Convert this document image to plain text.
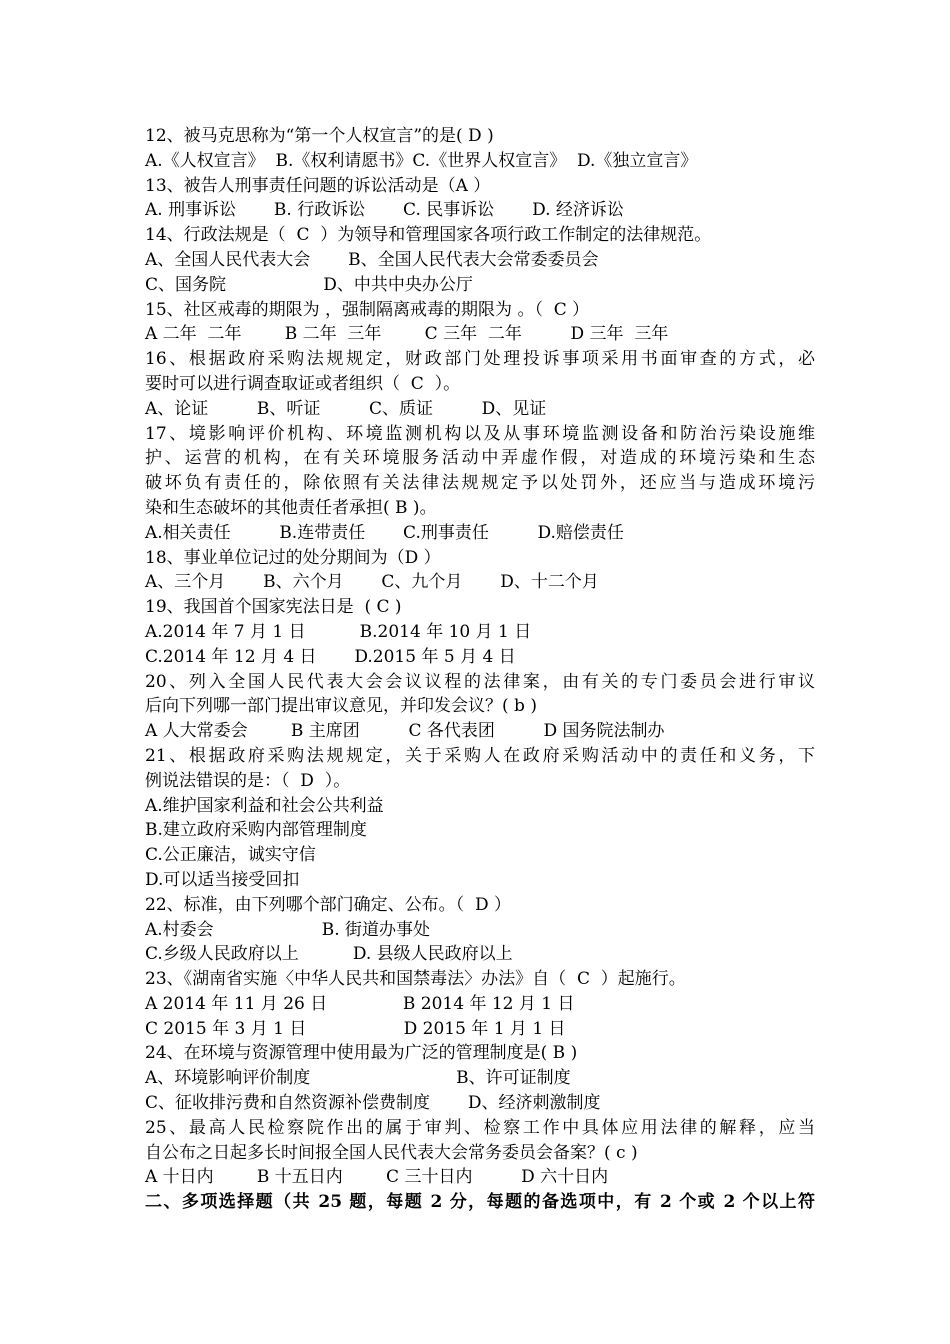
12、被马克思称为“第一个人权宣言”的是( D )
A.《人权宣言》  B.《权利请愿书》C.《世界人权宣言》  D.《独立宣言》
13、被告人刑事责任问题的诉讼活动是（A ）
A. 刑事诉讼       B. 行政诉讼       C. 民事诉讼       D. 经济诉讼
14、行政法规是（  C  ）为领导和管理国家各项行政工作制定的法律规范。
A、全国人民代表大会       B、全国人民代表大会常委委员会
C、国务院                  D、中共中央办公厅
15、社区戒毒的期限为 ，强制隔离戒毒的期限为 。（  C ）
A 二年  二年        B 二年  三年        C 三年  二年         D 三年  三年
16、根据政府采购法规规定，财政部门处理投诉事项采用书面审查的方式，必
要时可以进行调查取证或者组织（  C  ）。
A、论证         B、听证         C、质证         D、见证
17、境影响评价机构、环境监测机构以及从事环境监测设备和防治污染设施维
护、运营的机构，在有关环境服务活动中弄虚作假，对造成的环境污染和生态
破坏负有责任的，除依照有关法律法规规定予以处罚外，还应当与造成环境污
染和生态破坏的其他责任者承担( B )。
A.相关责任         B.连带责任       C.刑事责任         D.赔偿责任
18、事业单位记过的处分期间为（D ）
A、三个月       B、六个月       C、九个月       D、十二个月
19、我国首个国家宪法日是  ( C )
A.2014 年 7 月 1 日          B.2014 年 10 月 1 日
C.2014 年 12 月 4 日       D.2015 年 5 月 4 日
20、列入全国人民代表大会会议议程的法律案，由有关的专门委员会进行审议
后向下列哪一部门提出审议意见，并印发会议？( b )
A 人大常委会        B 主席团         C 各代表团         D 国务院法制办
21、根据政府采购法规规定，关于采购人在政府采购活动中的责任和义务，下
例说法错误的是：（  D  ）。
A.维护国家利益和社会公共利益
B.建立政府采购内部管理制度
C.公正廉洁，诚实守信
D.可以适当接受回扣
22、标准，由下列哪个部门确定、公布。（  D ）
A.村委会                    B. 街道办事处
C.乡级人民政府以上          D. 县级人民政府以上
23、《湖南省实施〈中华人民共和国禁毒法〉办法》自（  C  ）起施行。
A 2014 年 11 月 26 日              B 2014 年 12 月 1 日
C 2015 年 3 月 1 日                  D 2015 年 1 月 1 日
24、在环境与资源管理中使用最为广泛的管理制度是( B )
A、环境影响评价制度                           B、许可证制度
C、征收排污费和自然资源补偿费制度       D、经济刺激制度
25、最高人民检察院作出的属于审判、检察工作中具体应用法律的解释，应当
自公布之日起多长时间报全国人民代表大会常务委员会备案？( c )
A 十日内        B 十五日内        C 三十日内         D 六十日内
二、多项选择题（共 25 题，每题 2 分，每题的备选项中，有 2 个或 2 个以上符
